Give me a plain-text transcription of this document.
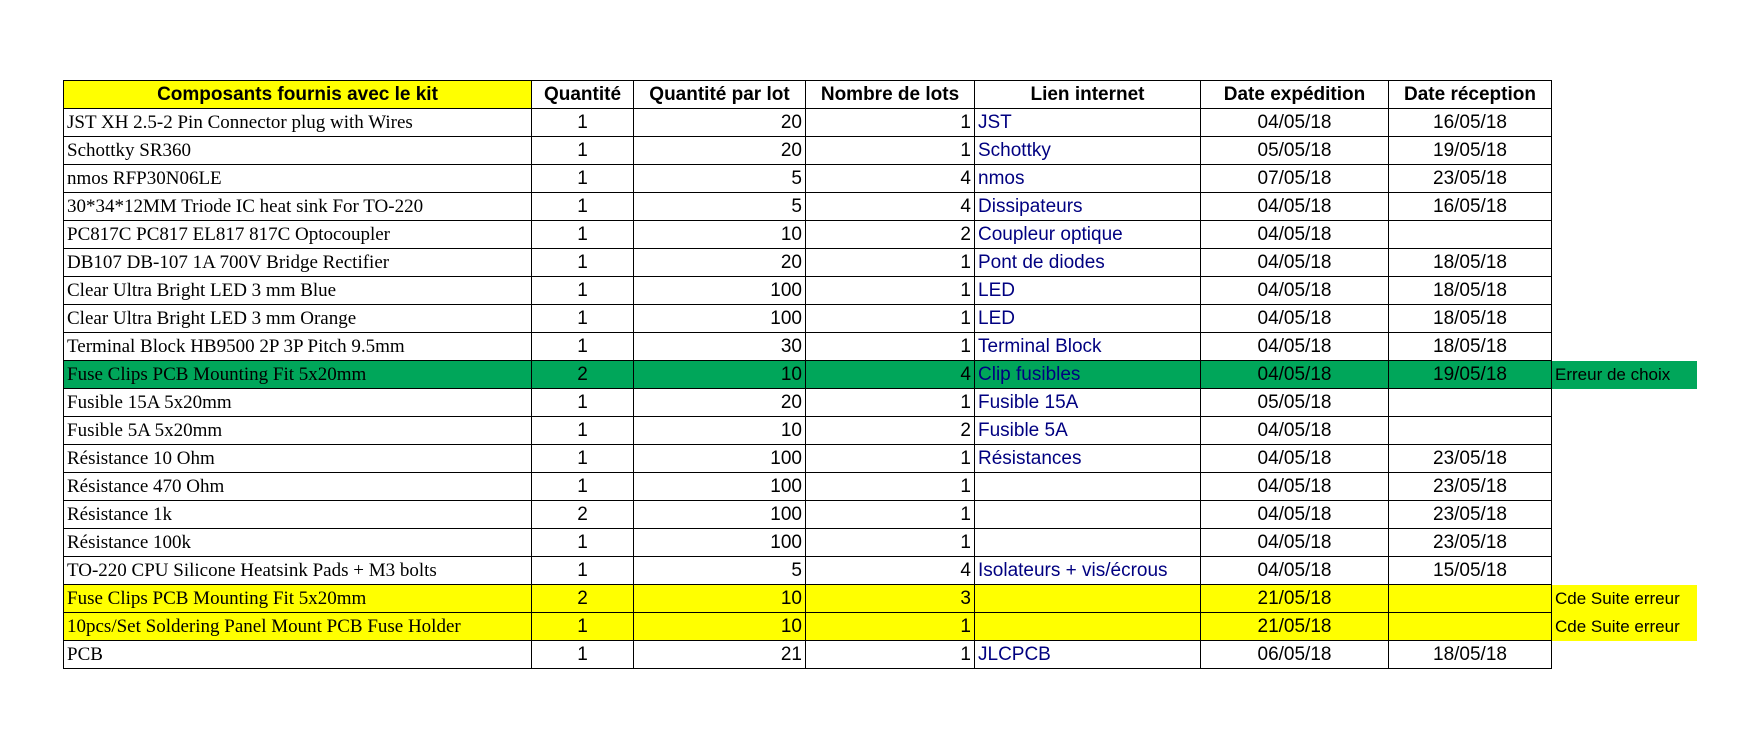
Composants fournis avec le kit	Quantité	Quantité par lot	Nombre de lots	Lien internet	Date expédition	Date réception	
JST XH 2.5-2 Pin Connector plug with Wires	1	20	1	JST	04/05/18	16/05/18	
Schottky SR360	1	20	1	Schottky	05/05/18	19/05/18	
nmos RFP30N06LE	1	5	4	nmos	07/05/18	23/05/18	
30*34*12MM Triode IC heat sink For TO-220	1	5	4	Dissipateurs	04/05/18	16/05/18	
PC817C PC817 EL817 817C Optocoupler	1	10	2	Coupleur optique	04/05/18		
DB107 DB-107 1A 700V Bridge Rectifier	1	20	1	Pont de diodes	04/05/18	18/05/18	
Clear Ultra Bright LED 3 mm Blue	1	100	1	LED	04/05/18	18/05/18	
Clear Ultra Bright LED 3 mm Orange	1	100	1	LED	04/05/18	18/05/18	
Terminal Block HB9500 2P 3P Pitch 9.5mm	1	30	1	Terminal Block	04/05/18	18/05/18	
Fuse Clips PCB Mounting Fit 5x20mm	2	10	4	Clip fusibles	04/05/18	19/05/18	Erreur de choix
Fusible 15A 5x20mm	1	20	1	Fusible 15A	05/05/18		
Fusible 5A 5x20mm	1	10	2	Fusible 5A	04/05/18		
Résistance 10 Ohm	1	100	1	Résistances	04/05/18	23/05/18	
Résistance 470 Ohm	1	100	1		04/05/18	23/05/18	
Résistance 1k	2	100	1		04/05/18	23/05/18	
Résistance 100k	1	100	1		04/05/18	23/05/18	
TO-220 CPU Silicone Heatsink Pads + M3 bolts	1	5	4	Isolateurs + vis/écrous	04/05/18	15/05/18	
Fuse Clips PCB Mounting Fit 5x20mm	2	10	3		21/05/18		Cde Suite erreur
10pcs/Set Soldering Panel Mount PCB Fuse Holder	1	10	1		21/05/18		Cde Suite erreur
PCB	1	21	1	JLCPCB	06/05/18	18/05/18	
